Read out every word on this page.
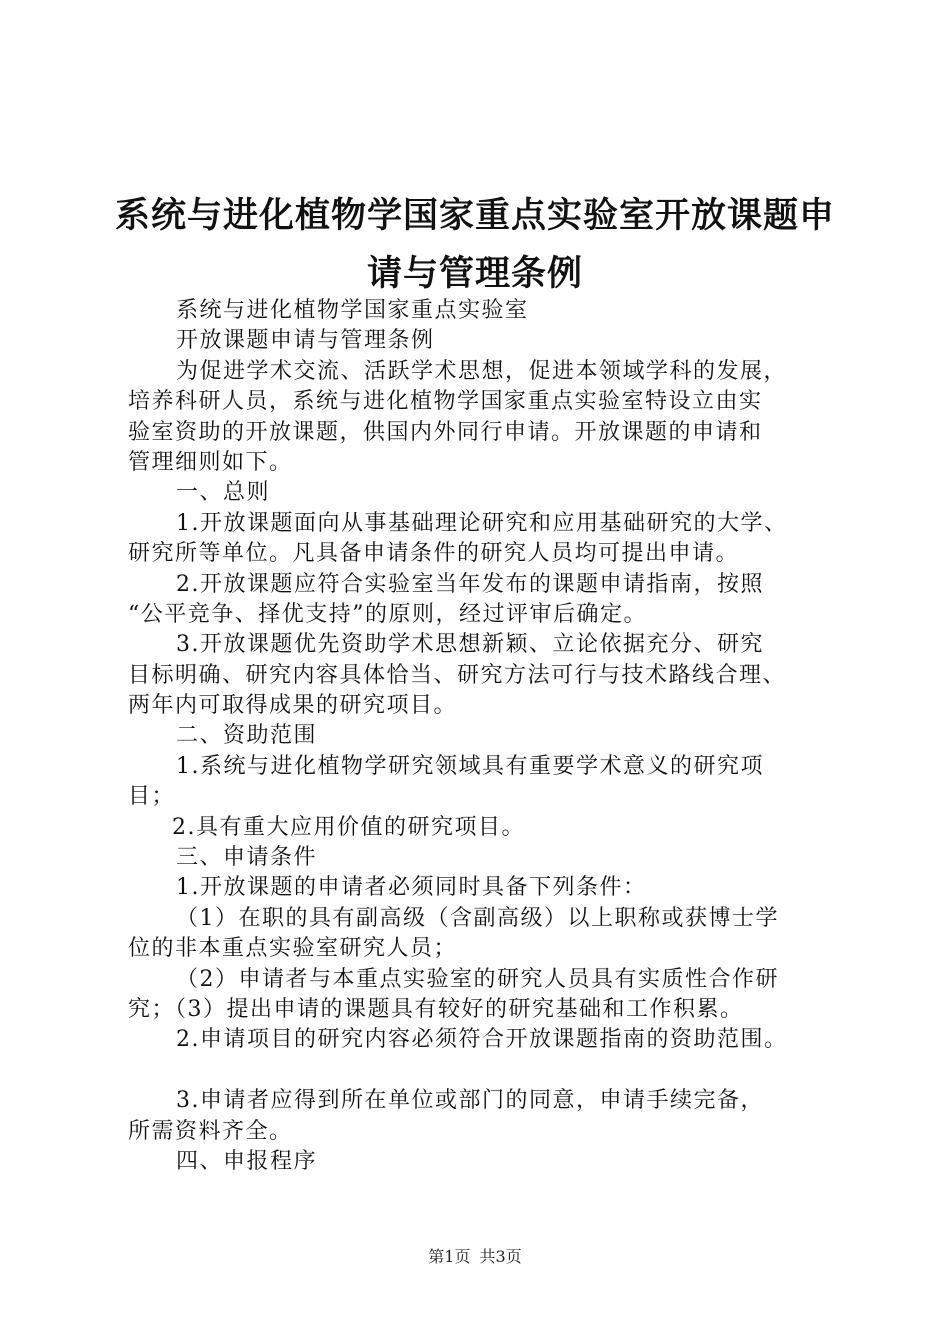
系统与进化植物学国家重点实验室开放课题申
请与管理条例
系统与进化植物学国家重点实验室
开放课题申请与管理条例
为促进学术交流、活跃学术思想，促进本领域学科的发展，
培养科研人员，系统与进化植物学国家重点实验室特设立由实
验室资助的开放课题，供国内外同行申请。开放课题的申请和
管理细则如下。
一、总则
1.开放课题面向从事基础理论研究和应用基础研究的大学、
研究所等单位。凡具备申请条件的研究人员均可提出申请。
2.开放课题应符合实验室当年发布的课题申请指南，按照
“公平竞争、择优支持”的原则，经过评审后确定。
3.开放课题优先资助学术思想新颖、立论依据充分、研究
目标明确、研究内容具体恰当、研究方法可行与技术路线合理、
两年内可取得成果的研究项目。
二、资助范围
1.系统与进化植物学研究领域具有重要学术意义的研究项
目；
2.具有重大应用价值的研究项目。
三、申请条件
1.开放课题的申请者必须同时具备下列条件：
（1）在职的具有副高级（含副高级）以上职称或获博士学
位的非本重点实验室研究人员；
（2）申请者与本重点实验室的研究人员具有实质性合作研
究；（3）提出申请的课题具有较好的研究基础和工作积累。
2.申请项目的研究内容必须符合开放课题指南的资助范围。
3.申请者应得到所在单位或部门的同意，申请手续完备，
所需资料齐全。
四、申报程序
第1页 共3页
